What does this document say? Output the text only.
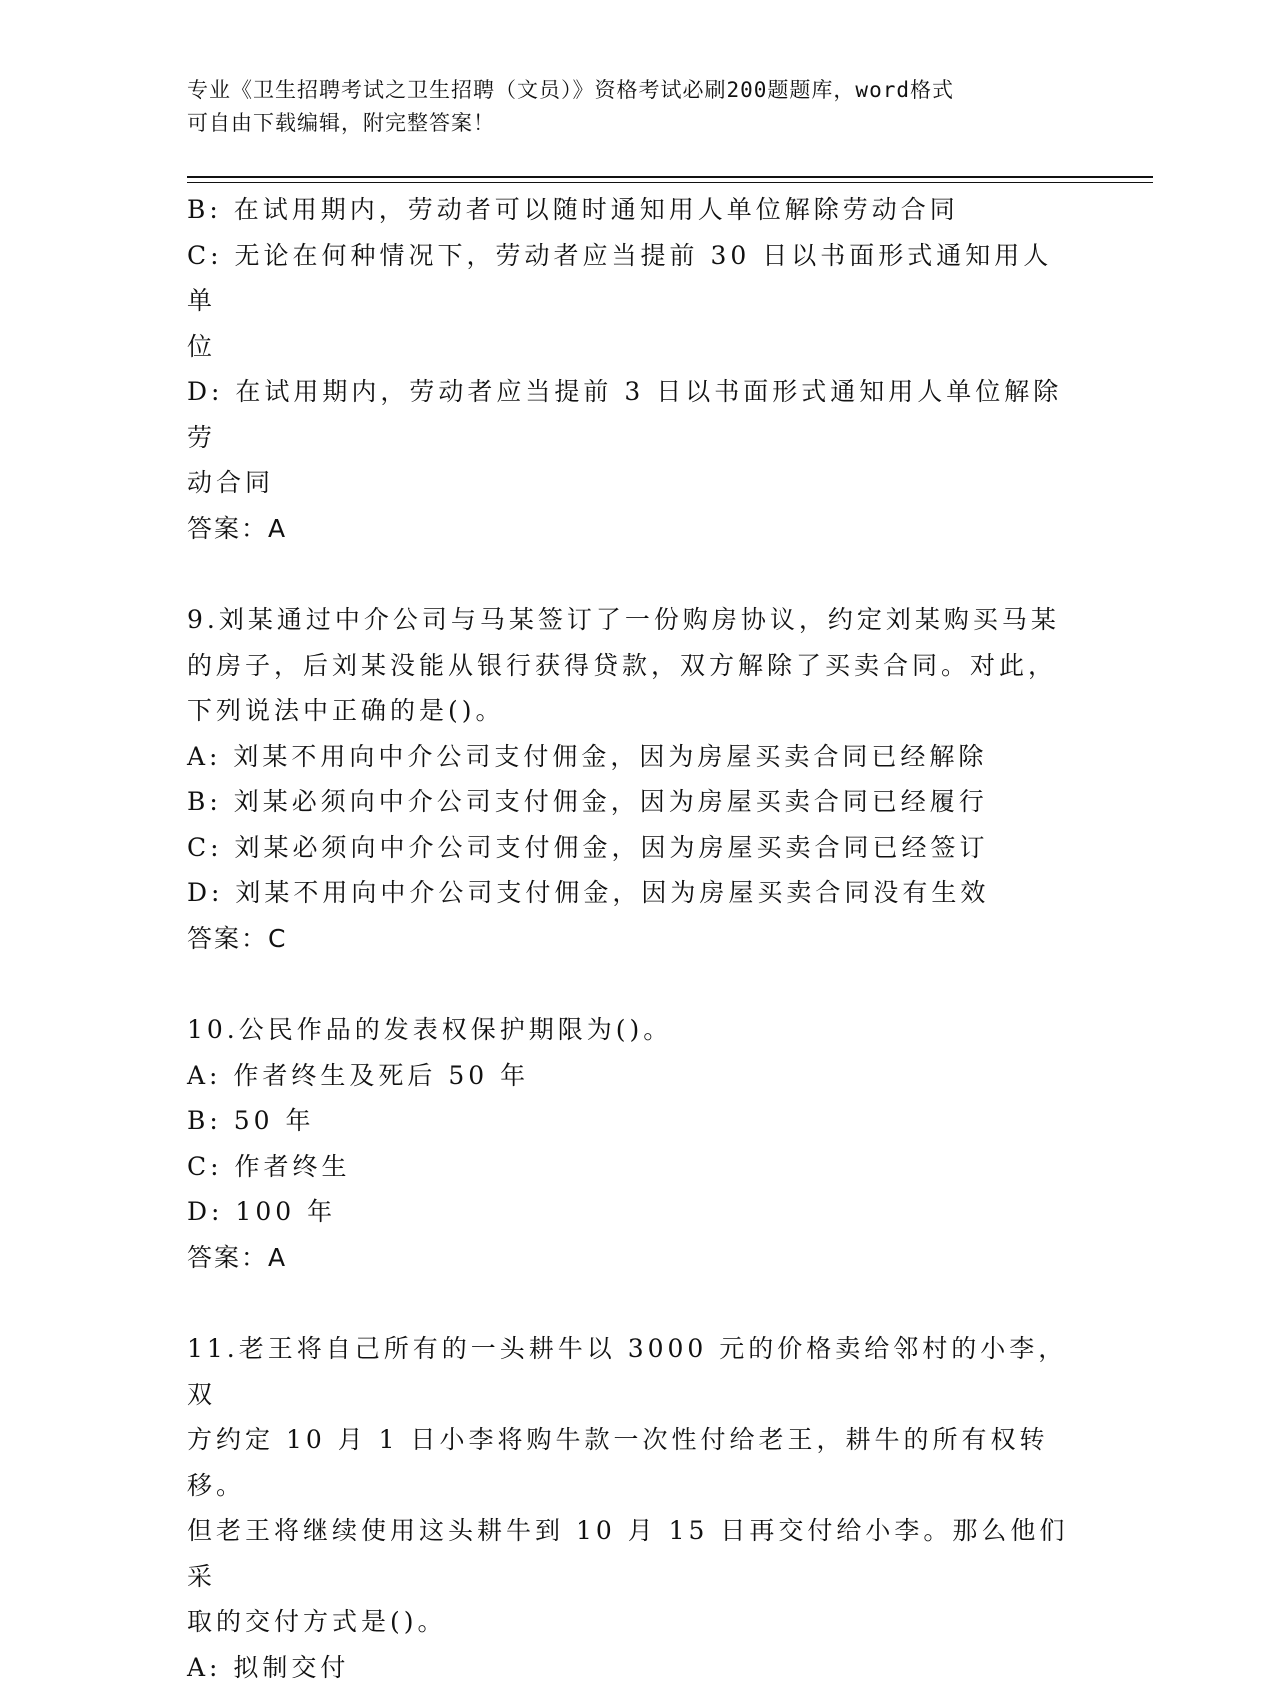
专业《卫生招聘考试之卫生招聘（文员）》资格考试必刷200题题库，word格式
可自由下载编辑，附完整答案！
B: 在试用期内，劳动者可以随时通知用人单位解除劳动合同
C: 无论在何种情况下，劳动者应当提前 30 日以书面形式通知用人单
位
D: 在试用期内，劳动者应当提前 3 日以书面形式通知用人单位解除劳
动合同
答案：A
9.刘某通过中介公司与马某签订了一份购房协议，约定刘某购买马某
的房子，后刘某没能从银行获得贷款，双方解除了买卖合同。对此，
下列说法中正确的是()。
A: 刘某不用向中介公司支付佣金，因为房屋买卖合同已经解除
B: 刘某必须向中介公司支付佣金，因为房屋买卖合同已经履行
C: 刘某必须向中介公司支付佣金，因为房屋买卖合同已经签订
D: 刘某不用向中介公司支付佣金，因为房屋买卖合同没有生效
答案：C
10.公民作品的发表权保护期限为()。
A: 作者终生及死后 50 年
B: 50 年
C: 作者终生
D: 100 年
答案：A
11.老王将自己所有的一头耕牛以 3000 元的价格卖给邻村的小李，双
方约定 10 月 1 日小李将购牛款一次性付给老王，耕牛的所有权转移。
但老王将继续使用这头耕牛到 10 月 15 日再交付给小李。那么他们采
取的交付方式是()。
A: 拟制交付
